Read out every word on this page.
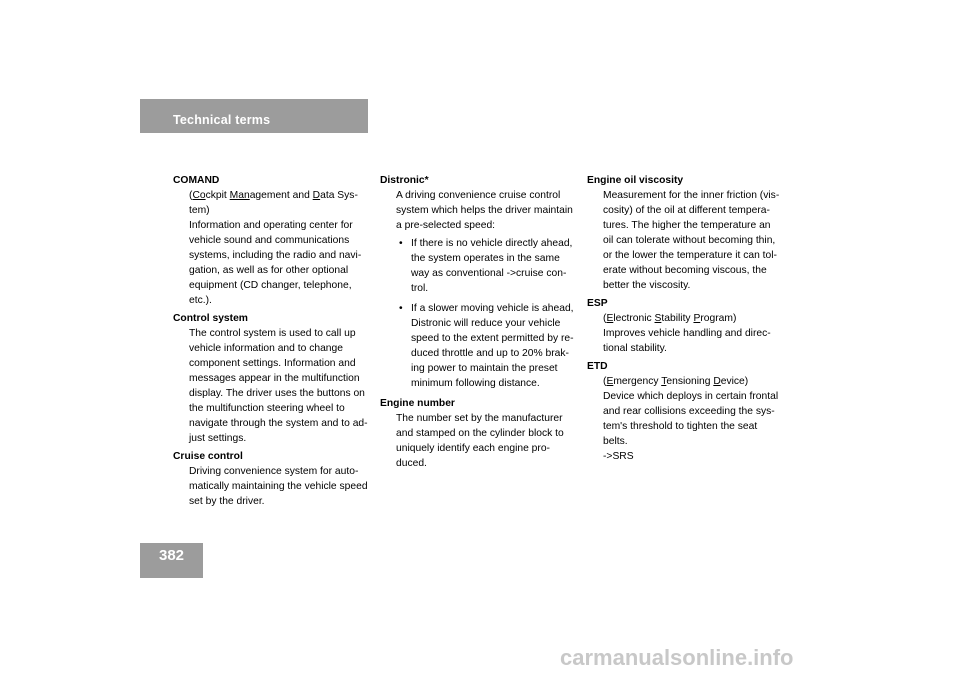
Technical terms
COMAND
(Cockpit Management and Data Sys-
tem)
Information and operating center for
vehicle sound and communications
systems, including the radio and navi-
gation, as well as for other optional
equipment (CD changer, telephone,
etc.).
Control system
The control system is used to call up
vehicle information and to change
component settings. Information and
messages appear in the multifunction
display. The driver uses the buttons on
the multifunction steering wheel to
navigate through the system and to ad-
just settings.
Cruise control
Driving convenience system for auto-
matically maintaining the vehicle speed
set by the driver.
Distronic*
A driving convenience cruise control
system which helps the driver maintain
a pre-selected speed:
• If there is no vehicle directly ahead,
the system operates in the same
way as conventional ->cruise con-
trol.
• If a slower moving vehicle is ahead,
Distronic will reduce your vehicle
speed to the extent permitted by re-
duced throttle and up to 20% brak-
ing power to maintain the preset
minimum following distance.
Engine number
The number set by the manufacturer
and stamped on the cylinder block to
uniquely identify each engine pro-
duced.
Engine oil viscosity
Measurement for the inner friction (vis-
cosity) of the oil at different tempera-
tures. The higher the temperature an
oil can tolerate without becoming thin,
or the lower the temperature it can tol-
erate without becoming viscous, the
better the viscosity.
ESP
(Electronic Stability Program)
Improves vehicle handling and direc-
tional stability.
ETD
(Emergency Tensioning Device)
Device which deploys in certain frontal
and rear collisions exceeding the sys-
tem's threshold to tighten the seat
belts.
->SRS
382
carmanualsonline.info
